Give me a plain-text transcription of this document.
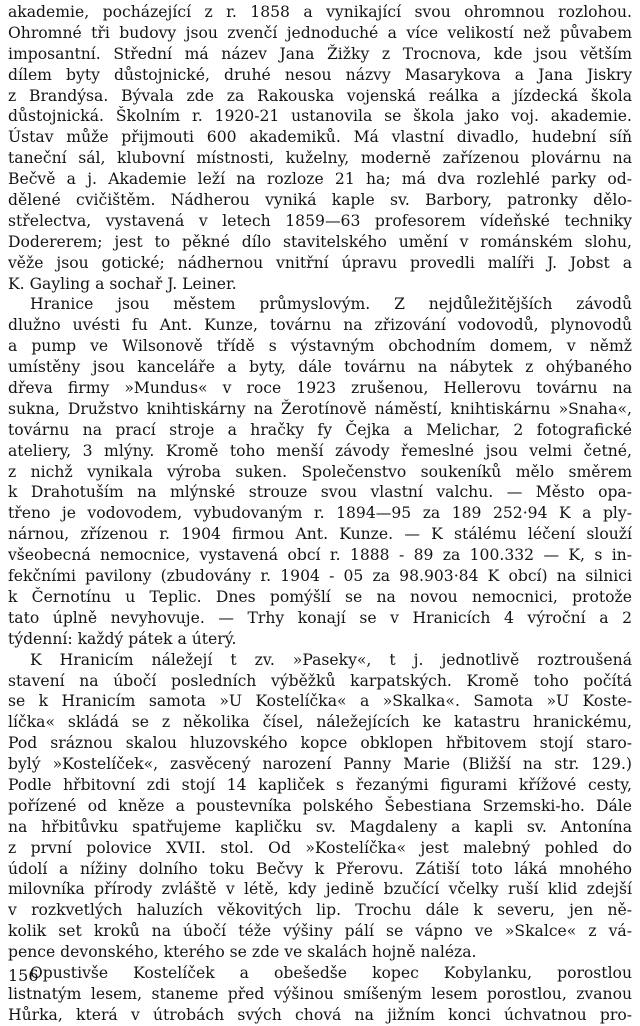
akademie, pocházející z r. 1858 a vynikající svou ohromnou rozlohou.
Ohromné tři budovy jsou zvenčí jednoduché a více velikostí než půvabem
imposantní. Střední má název Jana Žižky z Trocnova, kde jsou větším
dílem byty důstojnické, druhé nesou názvy Masarykova a Jana Jiskry
z Brandýsa. Bývala zde za Rakouska vojenská reálka a jízdecká škola
důstojnická. Školním r. 1920-21 ustanovila se škola jako voj. akademie.
Ústav může přijmouti 600 akademiků. Má vlastní divadlo, hudební síň
taneční sál, klubovní místnosti, kuželny, moderně zařízenou plovárnu na
Bečvě a j. Akademie leží na rozloze 21 ha; má dva rozlehlé parky od-
dělené cvičištěm. Nádherou vyniká kaple sv. Barbory, patronky dělo-
střelectva, vystavená v letech 1859—63 profesorem vídeňské techniky
Dodererem; jest to pěkné dílo stavitelského umění v románském slohu,
věže jsou gotické; nádhernou vnitřní úpravu provedli malíři J. Jobst a
K. Gayling a sochař J. Leiner.
Hranice jsou městem průmyslovým. Z nejdůležitějších závodů
dlužno uvésti fu Ant. Kunze, továrnu na zřizování vodovodů, plynovodů
a pump ve Wilsonově třídě s výstavným obchodním domem, v němž
umístěny jsou kanceláře a byty, dále továrnu na nábytek z ohýbaného
dřeva firmy »Mundus« v roce 1923 zrušenou, Hellerovu továrnu na
sukna, Družstvo knihtiskárny na Žerotínově náměstí, knihtiskárnu »Snaha«,
továrnu na prací stroje a hračky fy Čejka a Melichar, 2 fotografické
ateliery, 3 mlýny. Kromě toho menší závody řemeslné jsou velmi četné,
z nichž vynikala výroba suken. Společenstvo soukeníků mělo směrem
k Drahotuším na mlýnské strouze svou vlastní valchu. — Město opa-
třeno je vodovodem, vybudovaným r. 1894—95 za 189 252·94 K a ply-
nárnou, zřízenou r. 1904 firmou Ant. Kunze. — K stálému léčení slouží
všeobecná nemocnice, vystavená obcí r. 1888 - 89 za 100.332 — K, s in-
fekčními pavilony (zbudovány r. 1904 - 05 za 98.903·84 K obcí) na silnici
k Černotínu u Teplic. Dnes pomýšlí se na novou nemocnici, protože
tato úplně nevyhovuje. — Trhy konají se v Hranicích 4 výroční a 2
týdenní: každý pátek a úterý.
K Hranicím náležejí t zv. »Paseky«, t j. jednotlivě roztroušená
stavení na úbočí posledních výběžků karpatských. Kromě toho počítá
se k Hranicím samota »U Kostelíčka« a »Skalka«. Samota »U Koste-
líčka« skládá se z několika čísel, náležejících ke katastru hranickému,
Pod sráznou skalou hluzovského kopce obklopen hřbitovem stojí staro-
bylý »Kostelíček«, zasvěcený narození Panny Marie (Bližší na str. 129.)
Podle hřbitovní zdi stojí 14 kapliček s řezanými figurami křížové cesty,
pořízené od kněze a poustevníka polského Šebestiana Srzemski-ho. Dále
na hřbitůvku spatřujeme kapličku sv. Magdaleny a kapli sv. Antonína
z první polovice XVII. stol. Od »Kostelíčka« jest malebný pohled do
údolí a nížiny dolního toku Bečvy k Přerovu. Zátiší toto láká mnohého
milovníka přírody zvláště v létě, kdy jedině bzučící včelky ruší klid zdejší
v rozkvetlých haluzích věkovitých lip. Trochu dále k severu, jen ně-
kolik set kroků na úbočí téže výšiny pálí se vápno ve »Skalce« z vá-
pence devonského, kterého se zde ve skalách hojně naléza.
Opustivše Kostelíček a obešedše kopec Kobylanku, porostlou
listnatým lesem, staneme před výšinou smíšeným lesem porostlou, zvanou
Hůrka, která v útrobách svých chová na jižním konci úchvatnou pro-
156
